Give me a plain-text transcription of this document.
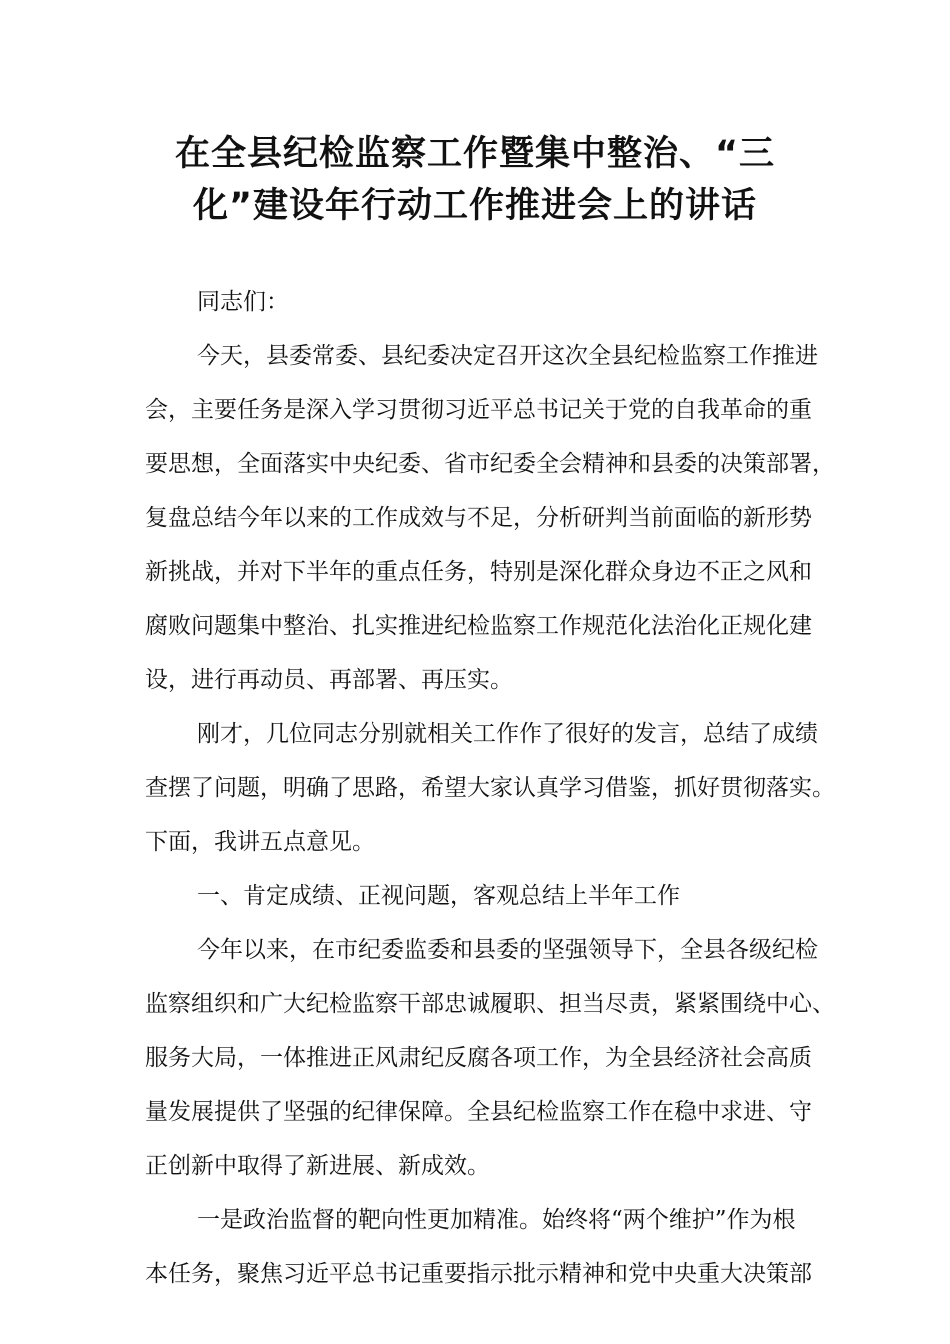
在全县纪检监察工作暨集中整治、“三
化”建设年行动工作推进会上的讲话
同志们：
今天，县委常委、县纪委决定召开这次全县纪检监察工作推进
会，主要任务是深入学习贯彻习近平总书记关于党的自我革命的重
要思想，全面落实中央纪委、省市纪委全会精神和县委的决策部署，
复盘总结今年以来的工作成效与不足，分析研判当前面临的新形势
新挑战，并对下半年的重点任务，特别是深化群众身边不正之风和
腐败问题集中整治、扎实推进纪检监察工作规范化法治化正规化建
设，进行再动员、再部署、再压实。
刚才，几位同志分别就相关工作作了很好的发言，总结了成绩
查摆了问题，明确了思路，希望大家认真学习借鉴，抓好贯彻落实。
下面，我讲五点意见。
一、肯定成绩、正视问题，客观总结上半年工作
今年以来，在市纪委监委和县委的坚强领导下，全县各级纪检
监察组织和广大纪检监察干部忠诚履职、担当尽责，紧紧围绕中心、
服务大局，一体推进正风肃纪反腐各项工作，为全县经济社会高质
量发展提供了坚强的纪律保障。全县纪检监察工作在稳中求进、守
正创新中取得了新进展、新成效。
一是政治监督的靶向性更加精准。始终将“两个维护”作为根
本任务，聚焦习近平总书记重要指示批示精神和党中央重大决策部
